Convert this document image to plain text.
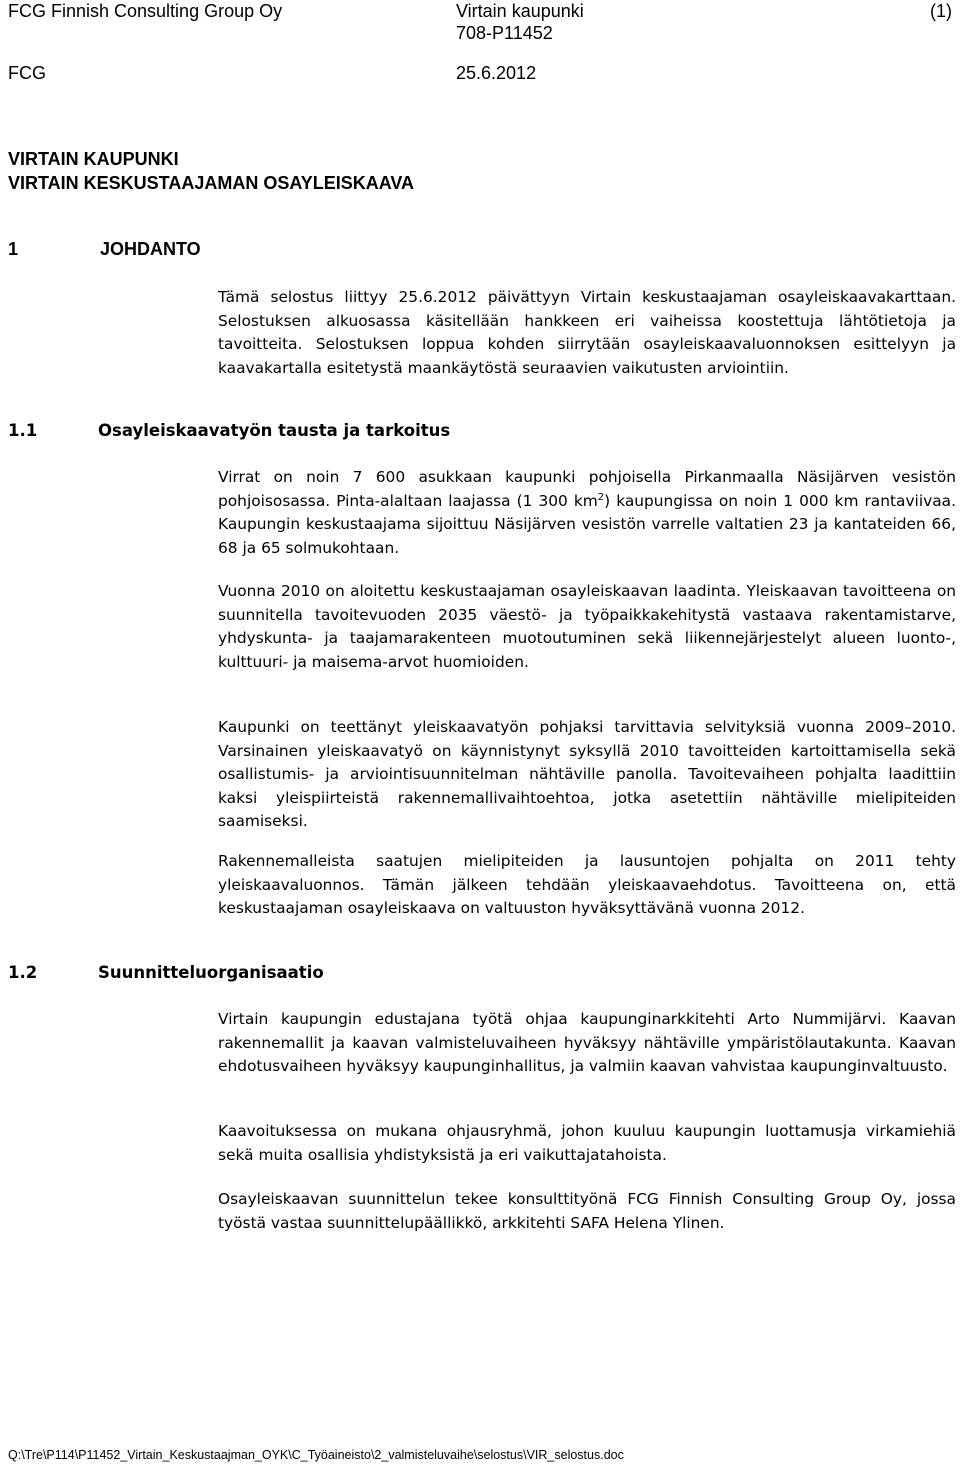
FCG Finnish Consulting Group Oy	Virtain kaupunki	(1)
708-P11452
FCG	25.6.2012
VIRTAIN KAUPUNKI
VIRTAIN KESKUSTAAJAMAN OSAYLEISKAAVA
1	JOHDANTO

Tämä selostus liittyy 25.6.2012 päivättyyn Virtain keskustaajaman osayleiskaavakarttaan. Selostuksen alkuosassa käsitellään hankkeen eri vaiheissa koostettuja lähtötietoja ja tavoitteita. Selostuksen loppua kohden siirrytään osayleiskaavaluonnoksen esittelyyn ja kaavakartalla esitetystä maankäytöstä seuraavien vaikutusten arviointiin.

1.1	Osayleiskaavatyön tausta ja tarkoitus

Virrat on noin 7 600 asukkaan kaupunki pohjoisella Pirkanmaalla Näsijärven vesistön pohjoisosassa. Pinta-alaltaan laajassa (1 300 $km^2$) kaupungissa on noin 1 000 km rantaviivaa. Kaupungin keskustaajama sijoittuu Näsijärven vesistön varrelle valtatien 23 ja kantateiden 66, 68 ja 65 solmukohtaan.

Vuonna 2010 on aloitettu keskustaajaman osayleiskaavan laadinta. Yleiskaavan tavoitteena on suunnitella tavoitevuoden 2035 väestö- ja työpaikkakehitystä vastaava rakentamistarve, yhdyskunta- ja taajamarakenteen muotoutuminen sekä liikennejärjestelyt alueen luonto-, kulttuuri- ja maisema-arvot huomioiden.

Kaupunki on teettänyt yleiskaavatyön pohjaksi tarvittavia selvityksiä vuonna 2009–2010. Varsinainen yleiskaavatyö on käynnistynyt syksyllä 2010 tavoitteiden kartoittamisella sekä osallistumis- ja arviointisuunnitelman nähtäville panolla. Tavoitevaiheen pohjalta laadittiin kaksi yleispiirteistä rakennemallivaihtoehtoa, jotka asetettiin nähtäville mielipiteiden saamiseksi.

Rakennemalleista saatujen mielipiteiden ja lausuntojen pohjalta on 2011 tehty yleiskaavaluonnos. Tämän jälkeen tehdään yleiskaavaehdotus. Tavoitteena on, että keskustaajaman osayleiskaava on valtuuston hyväksyttävänä vuonna 2012.

1.2	Suunnitteluorganisaatio

Virtain kaupungin edustajana työtä ohjaa kaupunginarkkitehti Arto Nummijärvi. Kaavan rakennemallit ja kaavan valmisteluvaiheen hyväksyy nähtäville ympäristölautakunta. Kaavan ehdotusvaiheen hyväksyy kaupunginhallitus, ja valmiin kaavan vahvistaa kaupunginvaltuusto.

Kaavoituksessa on mukana ohjausryhmä, johon kuuluu kaupungin luottamusja virkamiehiä sekä muita osallisia yhdistyksistä ja eri vaikuttajatahoista.

Osayleiskaavan suunnittelun tekee konsulttityönä FCG Finnish Consulting Group Oy, jossa työstä vastaa suunnittelupäällikkö, arkkitehti SAFA Helena Ylinen.

Q:\Tre\P114\P11452_Virtain_Keskustaajman_OYK\C_Työaineisto\2_valmisteluvaihe\selostus\VIR_selostus.doc
